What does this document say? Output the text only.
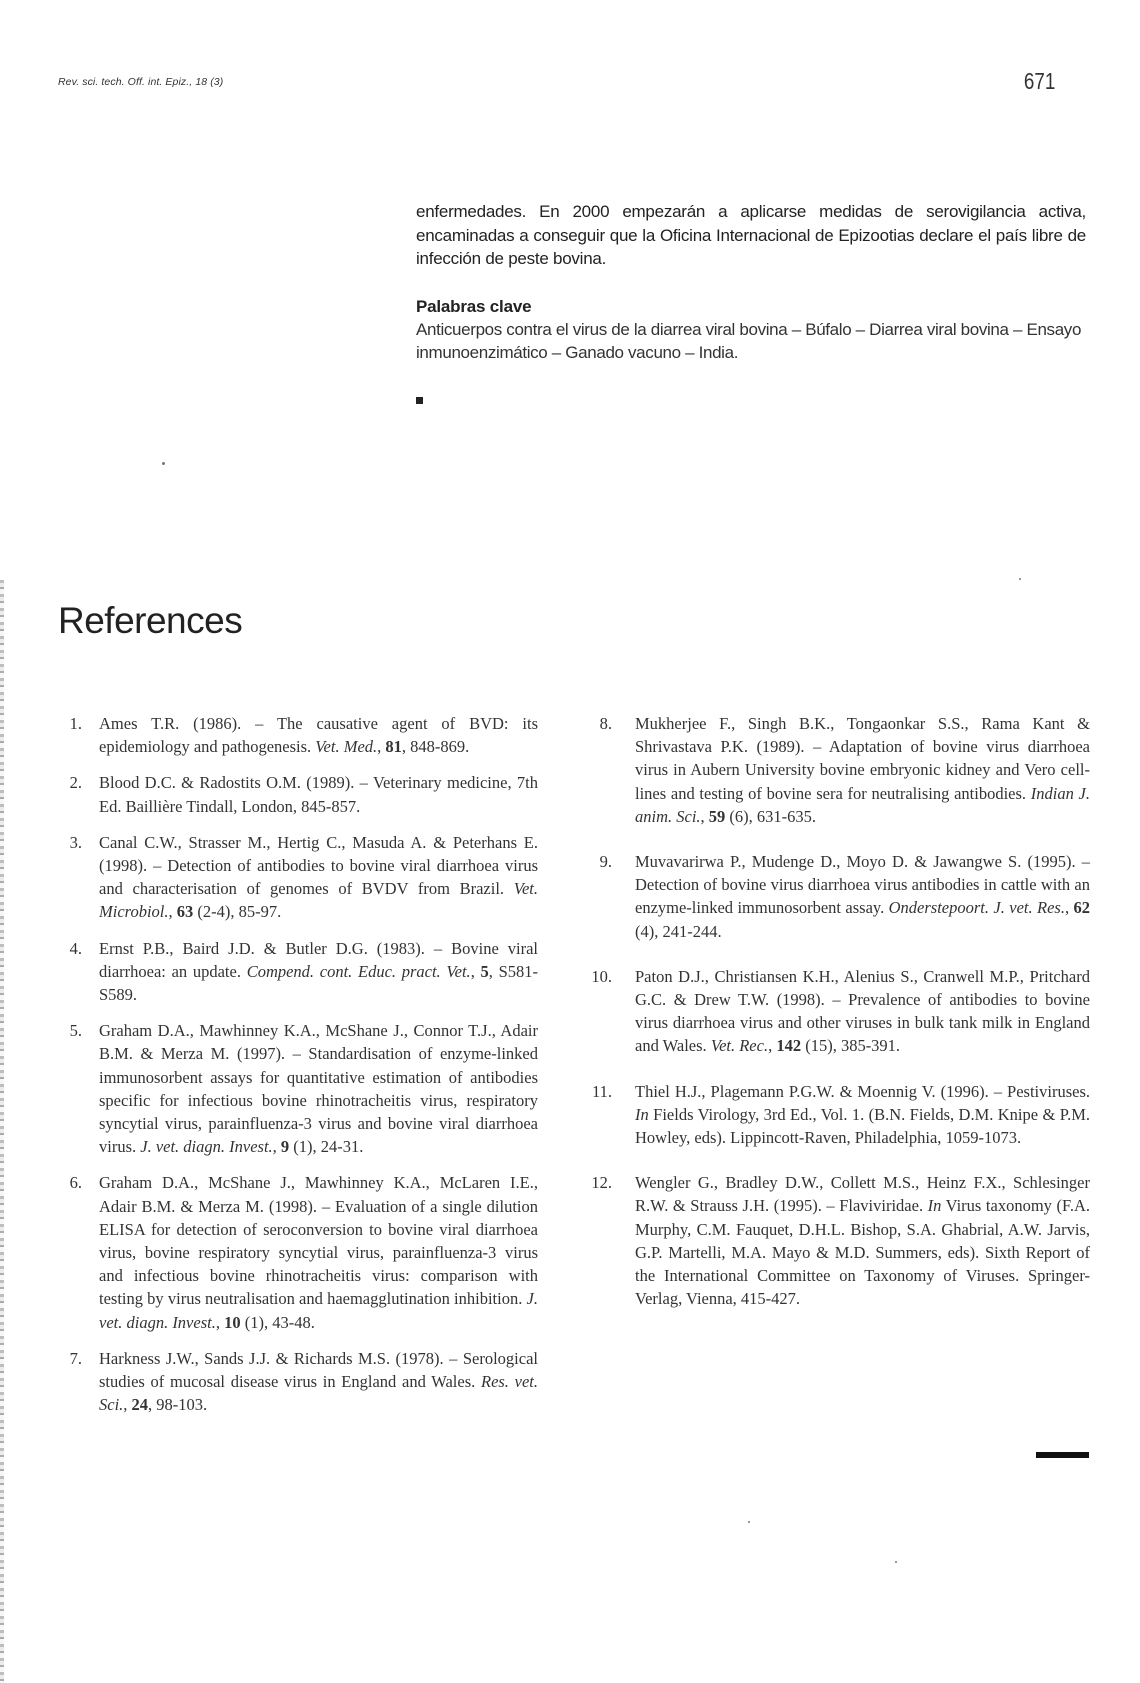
Rev. sci. tech. Off. int. Epiz., 18 (3)	671

enfermedades. En 2000 empezarán a aplicarse medidas de serovigilancia activa, encaminadas a conseguir que la Oficina Internacional de Epizootias declare el país libre de infección de peste bovina.

Palabras clave

Anticuerpos contra el virus de la diarrea viral bovina – Búfalo – Diarrea viral bovina – Ensayo inmunoenzimático – Ganado vacuno – India.

References
1. Ames T.R. (1986). – The causative agent of BVD: its epidemiology and pathogenesis. Vet. Med., 81, 848-869.
2. Blood D.C. & Radostits O.M. (1989). – Veterinary medicine, 7th Ed. Baillière Tindall, London, 845-857.
3. Canal C.W., Strasser M., Hertig C., Masuda A. & Peterhans E. (1998). – Detection of antibodies to bovine viral diarrhoea virus and characterisation of genomes of BVDV from Brazil. Vet. Microbiol., 63 (2-4), 85-97.
4. Ernst P.B., Baird J.D. & Butler D.G. (1983). – Bovine viral diarrhoea: an update. Compend. cont. Educ. pract. Vet., 5, S581-S589.
5. Graham D.A., Mawhinney K.A., McShane J., Connor T.J., Adair B.M. & Merza M. (1997). – Standardisation of enzyme-linked immunosorbent assays for quantitative estimation of antibodies specific for infectious bovine rhinotracheitis virus, respiratory syncytial virus, parainfluenza-3 virus and bovine viral diarrhoea virus. J. vet. diagn. Invest., 9 (1), 24-31.
6. Graham D.A., McShane J., Mawhinney K.A., McLaren I.E., Adair B.M. & Merza M. (1998). – Evaluation of a single dilution ELISA for detection of seroconversion to bovine viral diarrhoea virus, bovine respiratory syncytial virus, parainfluenza-3 virus and infectious bovine rhinotracheitis virus: comparison with testing by virus neutralisation and haemagglutination inhibition. J. vet. diagn. Invest., 10 (1), 43-48.
7. Harkness J.W., Sands J.J. & Richards M.S. (1978). – Serological studies of mucosal disease virus in England and Wales. Res. vet. Sci., 24, 98-103.
8. Mukherjee F., Singh B.K., Tongaonkar S.S., Rama Kant & Shrivastava P.K. (1989). – Adaptation of bovine virus diarrhoea virus in Aubern University bovine embryonic kidney and Vero cell-lines and testing of bovine sera for neutralising antibodies. Indian J. anim. Sci., 59 (6), 631-635.
9. Muvavarirwa P., Mudenge D., Moyo D. & Jawangwe S. (1995). – Detection of bovine virus diarrhoea virus antibodies in cattle with an enzyme-linked immunosorbent assay. Onderstepoort. J. vet. Res., 62 (4), 241-244.
10. Paton D.J., Christiansen K.H., Alenius S., Cranwell M.P., Pritchard G.C. & Drew T.W. (1998). – Prevalence of antibodies to bovine virus diarrhoea virus and other viruses in bulk tank milk in England and Wales. Vet. Rec., 142 (15), 385-391.
11. Thiel H.J., Plagemann P.G.W. & Moennig V. (1996). – Pestiviruses. In Fields Virology, 3rd Ed., Vol. 1. (B.N. Fields, D.M. Knipe & P.M. Howley, eds). Lippincott-Raven, Philadelphia, 1059-1073.
12. Wengler G., Bradley D.W., Collett M.S., Heinz F.X., Schlesinger R.W. & Strauss J.H. (1995). – Flaviviridae. In Virus taxonomy (F.A. Murphy, C.M. Fauquet, D.H.L. Bishop, S.A. Ghabrial, A.W. Jarvis, G.P. Martelli, M.A. Mayo & M.D. Summers, eds). Sixth Report of the International Committee on Taxonomy of Viruses. Springer-Verlag, Vienna, 415-427.
